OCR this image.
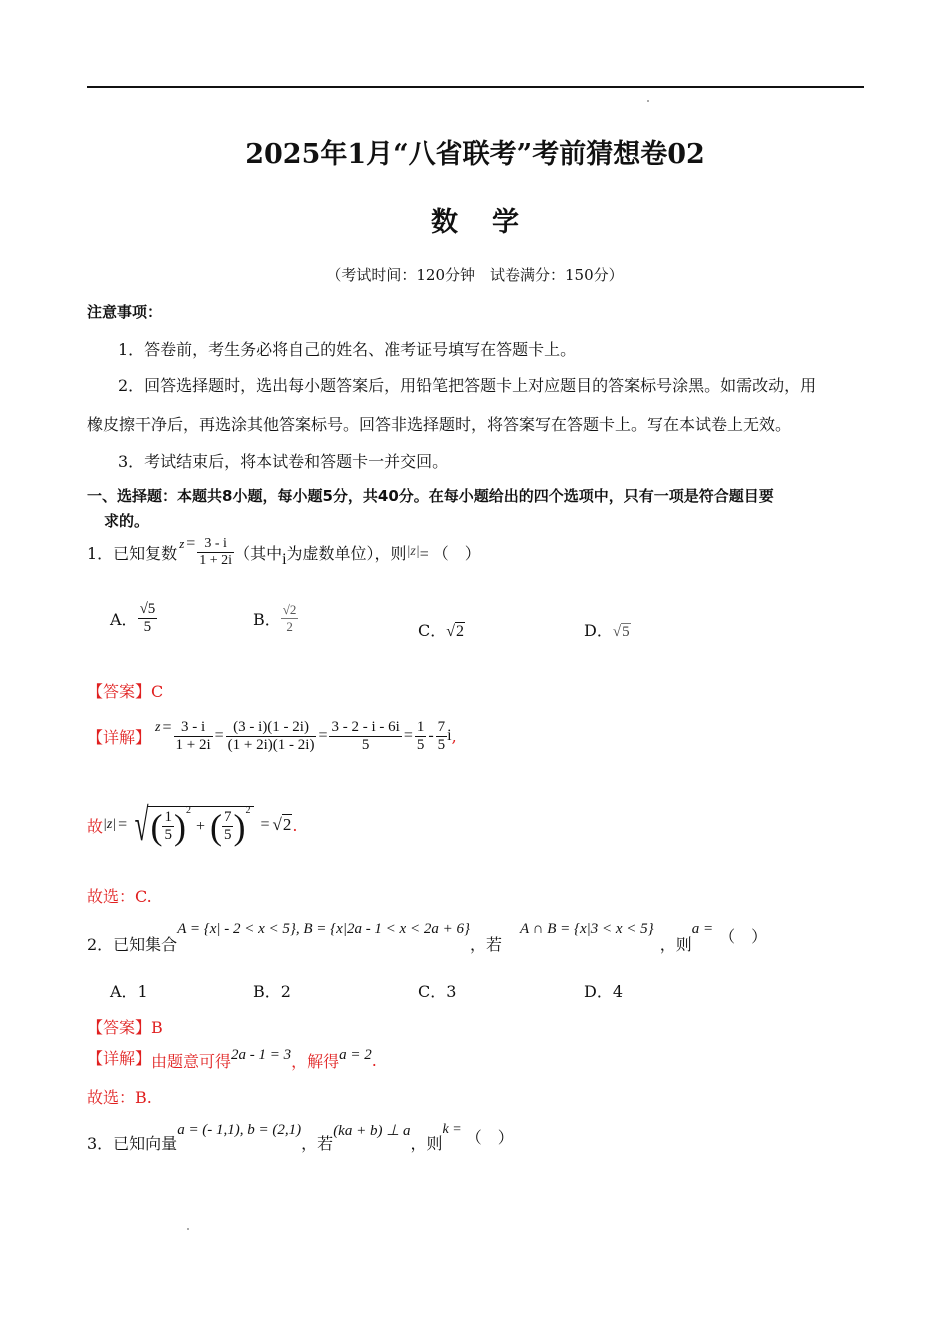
2025年1月“八省联考”考前猜想卷02
数学
（考试时间：120分钟　试卷满分：150分）
注意事项：
1．答卷前，考生务必将自己的姓名、准考证号填写在答题卡上。
2．回答选择题时，选出每小题答案后，用铅笔把答题卡上对应题目的答案标号涂黑。如需改动，用
橡皮擦干净后，再选涂其他答案标号。回答非选择题时，将答案写在答题卡上。写在本试卷上无效。
3．考试结束后，将本试卷和答题卡一并交回。
一、选择题：本题共8小题，每小题5分，共40分。在每小题给出的四个选项中，只有一项是符合题目要
求的。
1．已知复数 $z = \frac{3 - i}{1 + 2i}$ （其中 i 为虚数单位），则 |z| = （　）
A． $\frac{√5}{5}$	B． $\frac{√2}{2}$	C．√2	D．√5
【答案】C
【详解】 $z = \frac{3 - i}{1 + 2i} = \frac{(3 - i)(1 - 2i)}{(1 + 2i)(1 - 2i)} = \frac{3 - 2 - i - 6i}{5} = \frac{1}{5} - \frac{7}{5}$ i ,
故 |z| = √ ( $\frac{1}{5}$ ) 2
+ ( $\frac{7}{5}$ ) 2
= √2 .
故选：C.
2．已知集合
A = {x| - 2 < x < 5}, B = {x|2a - 1 < x < 2a + 6}
，若
A ∩ B = {x|3 < x < 5}
，则
a = （　）
A．1	B．2	C．3	D．4
【答案】B
【详解】 由题意可得 2a - 1 = 3 ，解得 a = 2 .
故选：B.
3．已知向量
a = (- 1,1), b = (2,1)
，若
(ka + b) ⊥ a
，则
k = （　）
